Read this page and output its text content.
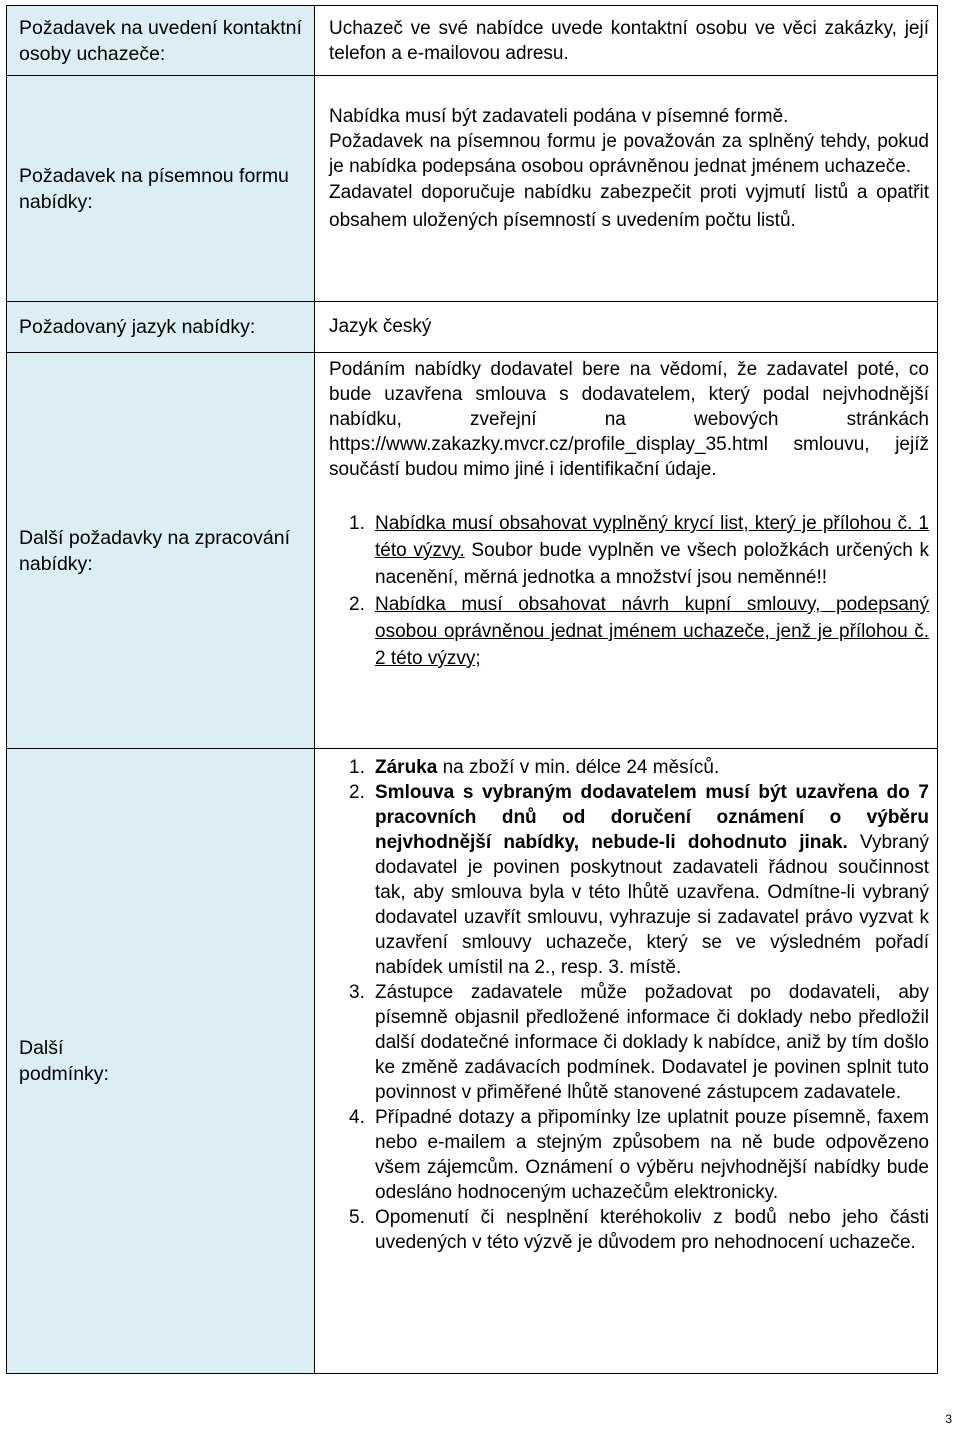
Požadavek na uvedení kontaktní osoby uchazeče:
Uchazeč ve své nabídce uvede kontaktní osobu ve věci zakázky, její telefon a e-mailovou adresu.
Požadavek na písemnou formu nabídky:
Nabídka musí být zadavateli podána v písemné formě.
Požadavek na písemnou formu je považován za splněný tehdy, pokud je nabídka podepsána osobou oprávněnou jednat jménem uchazeče.
Zadavatel doporučuje nabídku zabezpečit proti vyjmutí listů a opatřit obsahem uložených písemností s uvedením počtu listů.
Požadovaný jazyk nabídky:	Jazyk český
Další požadavky na zpracování nabídky:
Podáním nabídky dodavatel bere na vědomí, že zadavatel poté, co bude uzavřena smlouva s dodavatelem, který podal nejvhodnější nabídku, zveřejní na webových stránkách https://www.zakazky.mvcr.cz/profile_display_35.html smlouvu, jejíž součástí budou mimo jiné i identifikační údaje.
1. Nabídka musí obsahovat vyplněný krycí list, který je přílohou č. 1 této výzvy. Soubor bude vyplněn ve všech položkách určených k nacenění, měrná jednotka a množství jsou neměnné!!
2. Nabídka musí obsahovat návrh kupní smlouvy, podepsaný osobou oprávněnou jednat jménem uchazeče, jenž je přílohou č. 2 této výzvy;
Další
podmínky:
1. Záruka na zboží v min. délce 24 měsíců.
2. Smlouva s vybraným dodavatelem musí být uzavřena do 7 pracovních dnů od doručení oznámení o výběru nejvhodnější nabídky, nebude-li dohodnuto jinak. Vybraný dodavatel je povinen poskytnout zadavateli řádnou součinnost tak, aby smlouva byla v této lhůtě uzavřena. Odmítne-li vybraný dodavatel uzavřít smlouvu, vyhrazuje si zadavatel právo vyzvat k uzavření smlouvy uchazeče, který se ve výsledném pořadí nabídek umístil na 2., resp. 3. místě.
3. Zástupce zadavatele může požadovat po dodavateli, aby písemně objasnil předložené informace či doklady nebo předložil další dodatečné informace či doklady k nabídce, aniž by tím došlo ke změně zadávacích podmínek. Dodavatel je povinen splnit tuto povinnost v přiměřené lhůtě stanovené zástupcem zadavatele.
4. Případné dotazy a připomínky lze uplatnit pouze písemně, faxem nebo e-mailem a stejným způsobem na ně bude odpovězeno všem zájemcům. Oznámení o výběru nejvhodnější nabídky bude odesláno hodnoceným uchazečům elektronicky.
5. Opomenutí či nesplnění kteréhokoliv z bodů nebo jeho části uvedených v této výzvě je důvodem pro nehodnocení uchazeče.
3
